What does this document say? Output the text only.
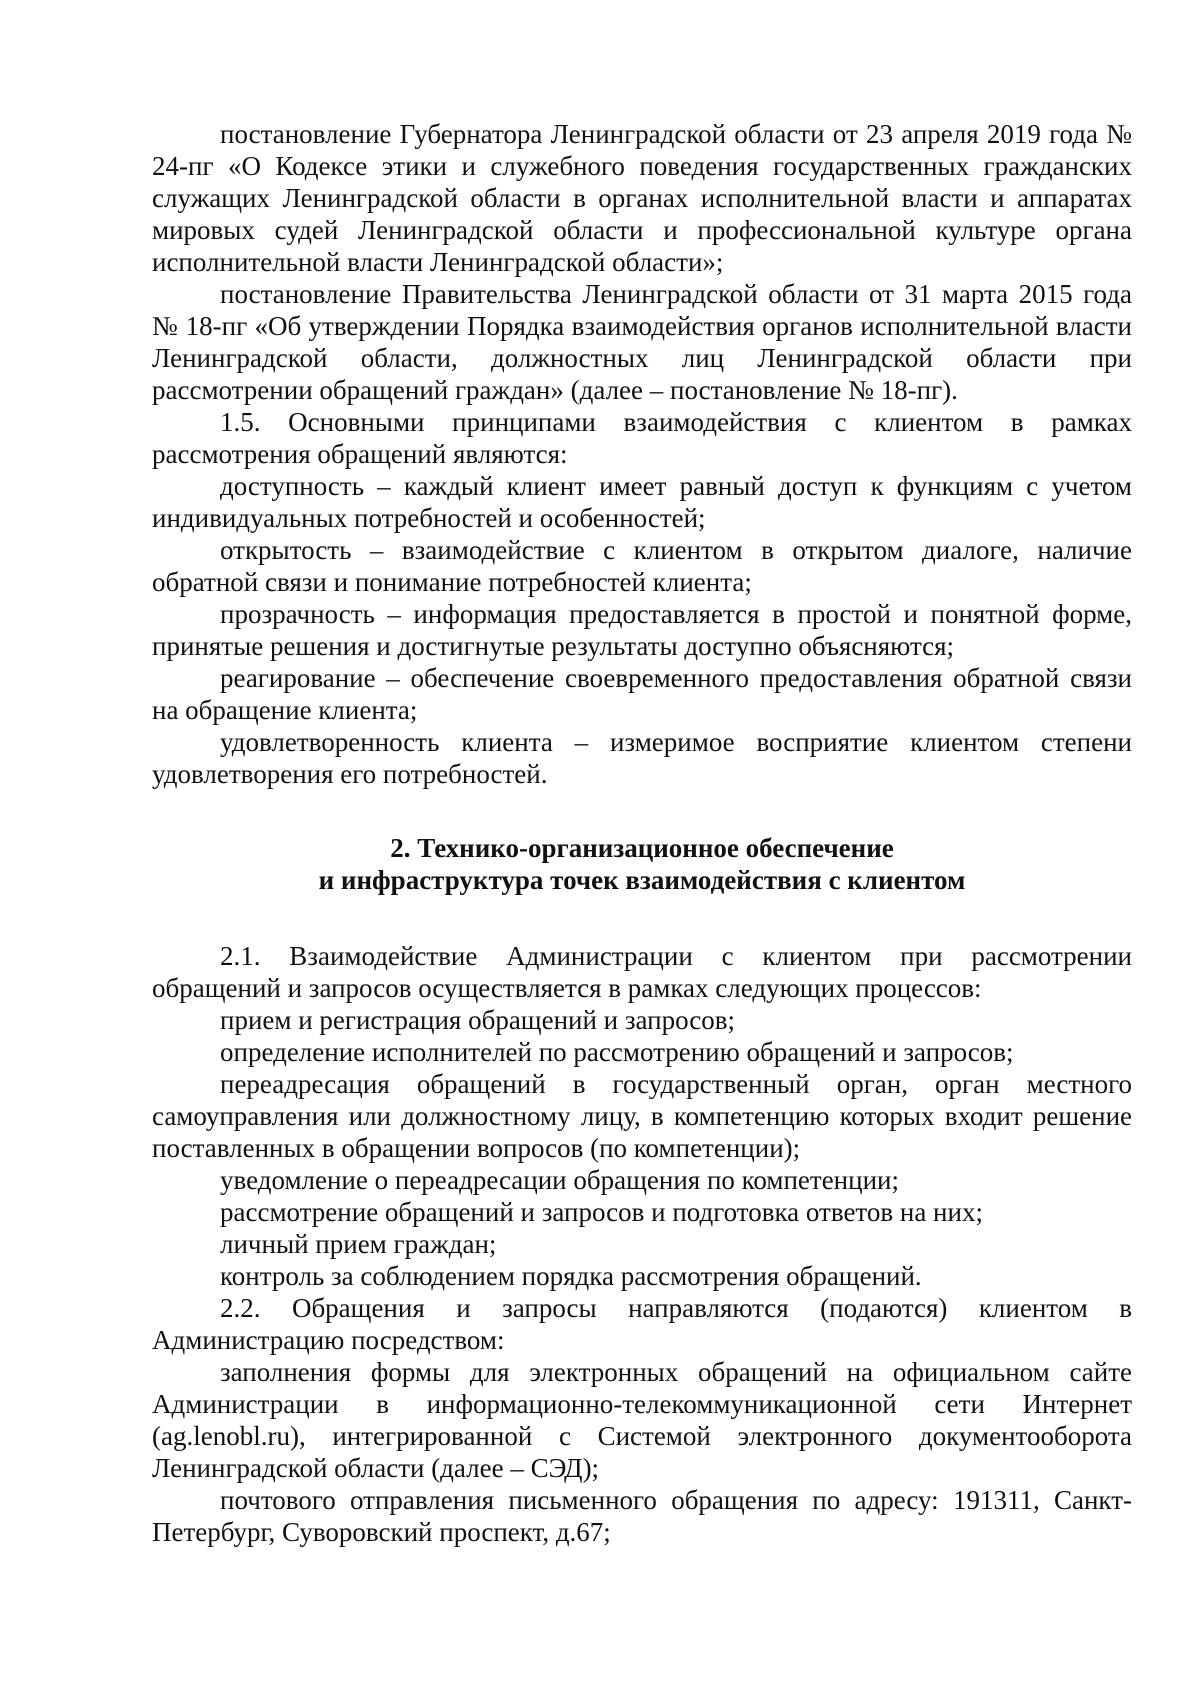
постановление Губернатора Ленинградской области от 23 апреля 2019 года № 24-пг «О Кодексе этики и служебного поведения государственных гражданских служащих Ленинградской области в органах исполнительной власти и аппаратах мировых судей Ленинградской области и профессиональной культуре органа исполнительной власти Ленинградской области»;

постановление Правительства Ленинградской области от 31 марта 2015 года № 18-пг «Об утверждении Порядка взаимодействия органов исполнительной власти Ленинградской области, должностных лиц Ленинградской области при рассмотрении обращений граждан» (далее – постановление № 18-пг).

1.5. Основными принципами взаимодействия с клиентом в рамках рассмотрения обращений являются:

доступность – каждый клиент имеет равный доступ к функциям с учетом индивидуальных потребностей и особенностей;

открытость – взаимодействие с клиентом в открытом диалоге, наличие обратной связи и понимание потребностей клиента;

прозрачность – информация предоставляется в простой и понятной форме, принятые решения и достигнутые результаты доступно объясняются;

реагирование – обеспечение своевременного предоставления обратной связи на обращение клиента;

удовлетворенность клиента – измеримое восприятие клиентом степени удовлетворения его потребностей.

2. Технико-организационное обеспечение

и инфраструктура точек взаимодействия с клиентом

2.1. Взаимодействие Администрации с клиентом при рассмотрении обращений и запросов осуществляется в рамках следующих процессов:

прием и регистрация обращений и запросов;

определение исполнителей по рассмотрению обращений и запросов;

переадресация обращений в государственный орган, орган местного самоуправления или должностному лицу, в компетенцию которых входит решение поставленных в обращении вопросов (по компетенции);

уведомление о переадресации обращения по компетенции;

рассмотрение обращений и запросов и подготовка ответов на них;

личный прием граждан;

контроль за соблюдением порядка рассмотрения обращений.

2.2. Обращения и запросы направляются (подаются) клиентом в Администрацию посредством:

заполнения формы для электронных обращений на официальном сайте Администрации в информационно-телекоммуникационной сети Интернет (ag.lenobl.ru), интегрированной с Системой электронного документооборота Ленинградской области (далее – СЭД);

почтового отправления письменного обращения по адресу: 191311, Санкт-Петербург, Суворовский проспект, д.67;
